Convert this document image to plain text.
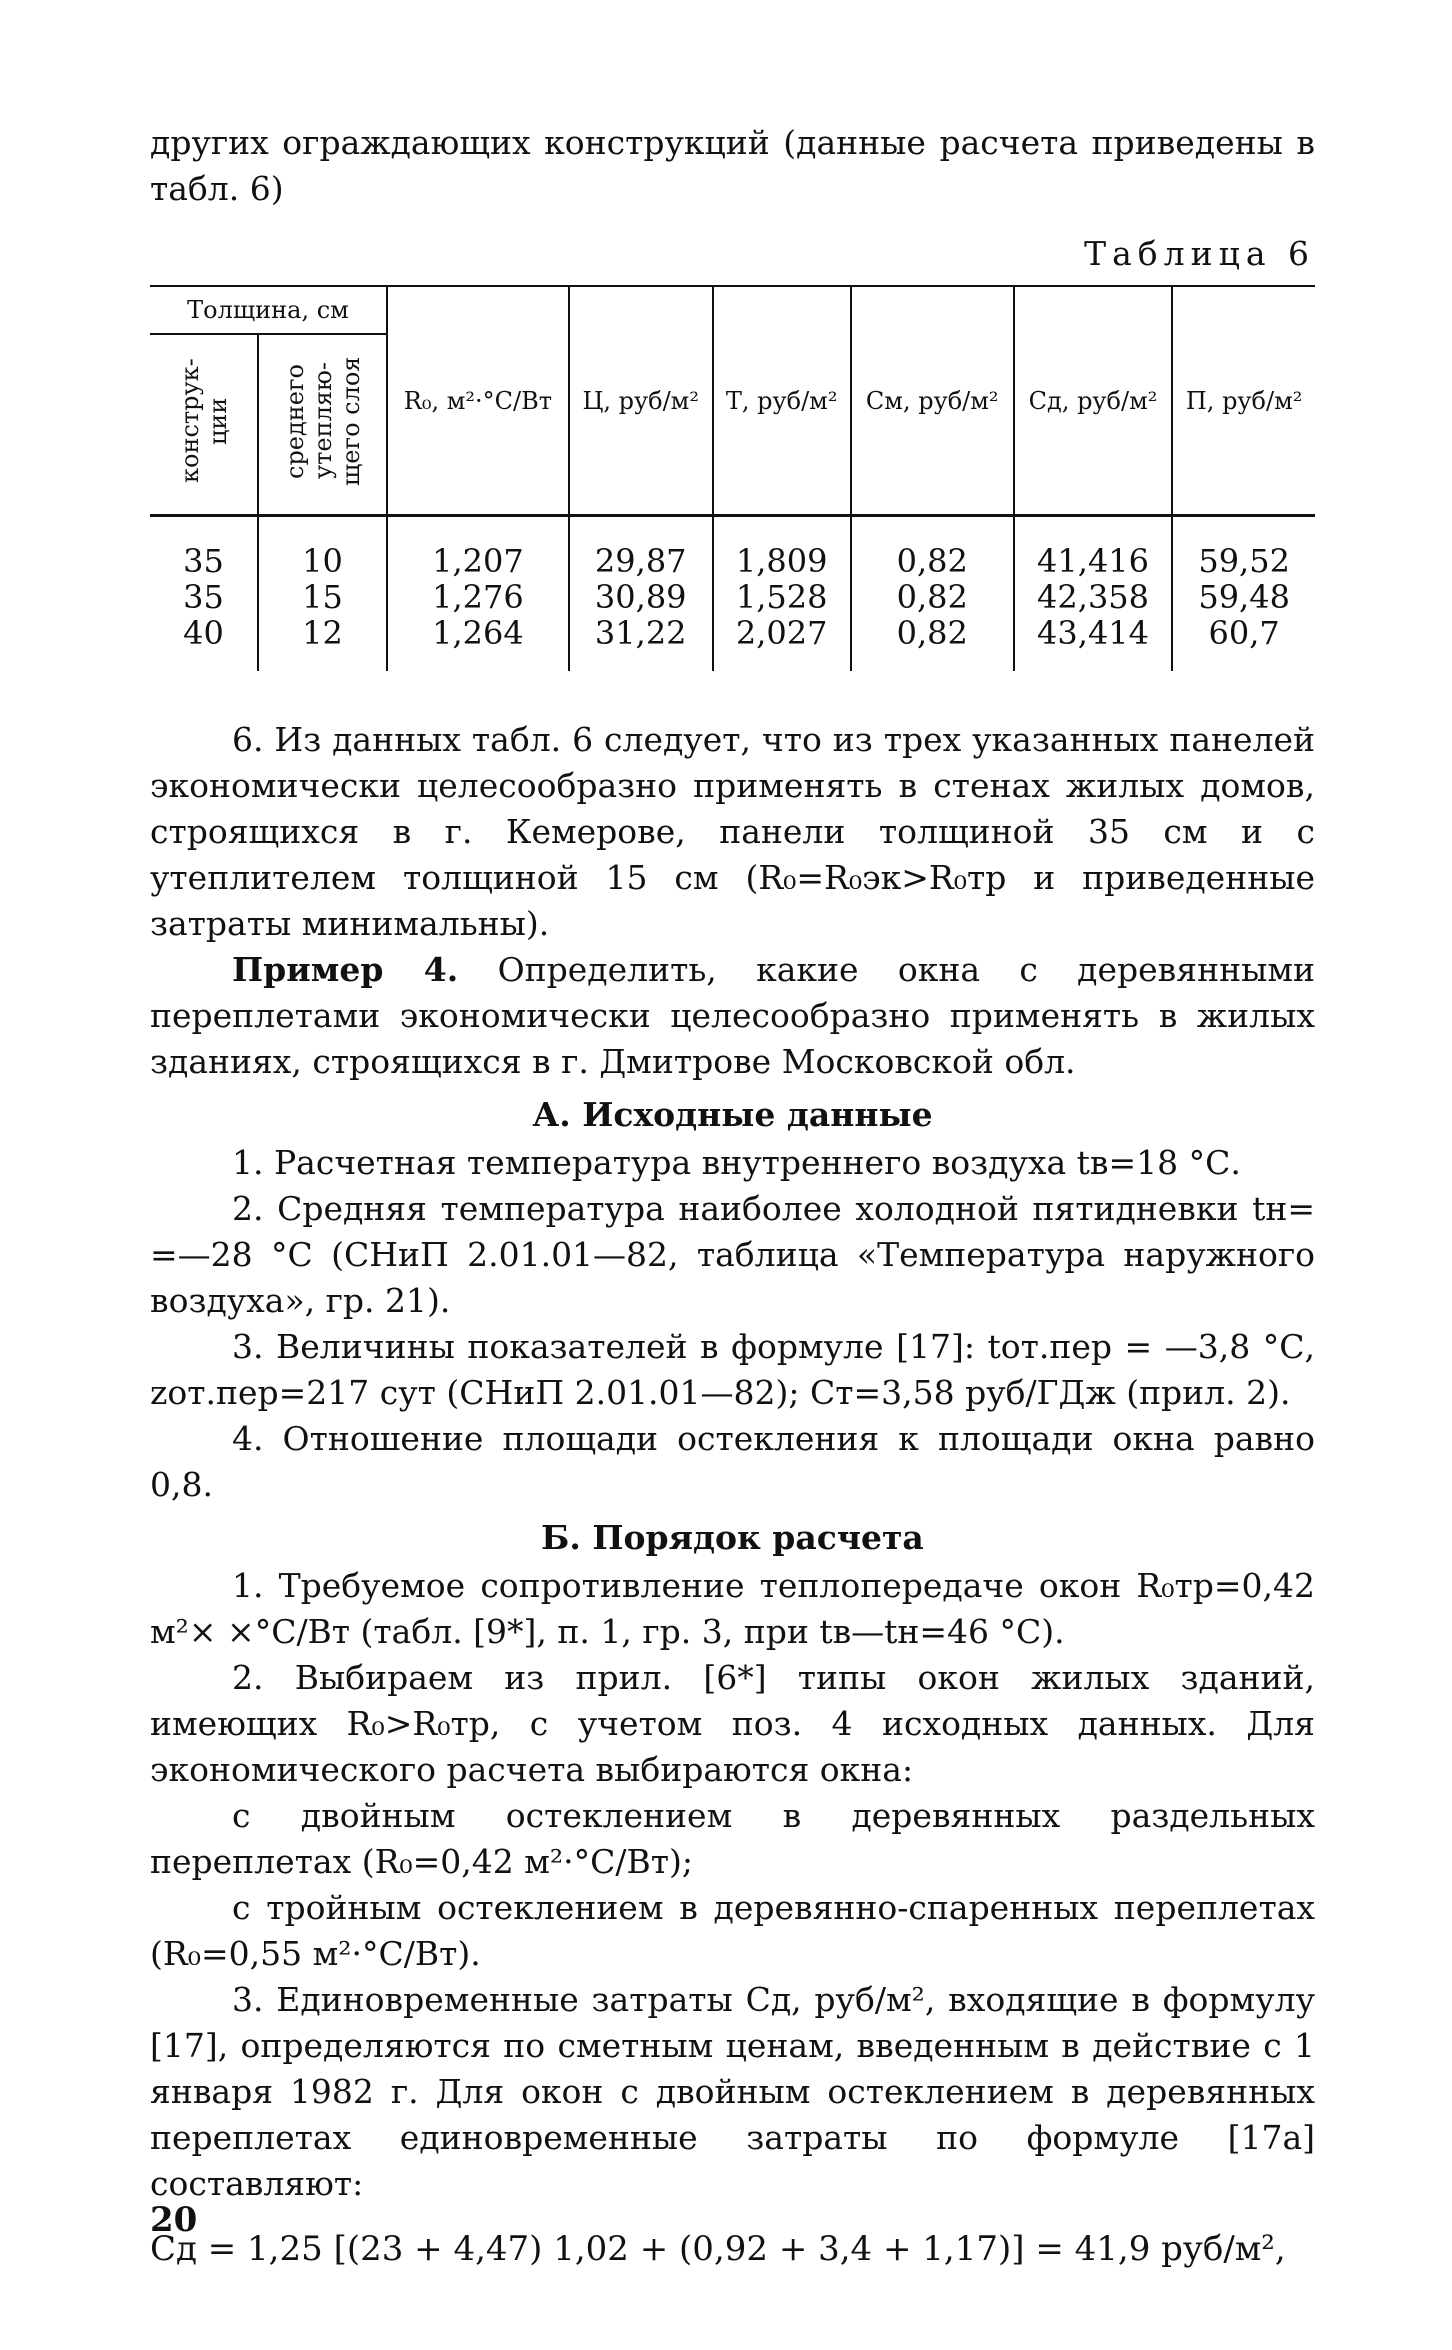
других ограждающих конструкций (данные расчета приведены в табл. 6)

Таблица 6
Толщина, см		R₀, м²·°С/Вт	Ц, руб/м²	Т, руб/м²	Cм, руб/м²	Cд, руб/м²	П, руб/м²
конструк-ции	среднего утепляю-щего слоя						
35	10	1,207	29,87	1,809	0,82	41,416	59,52
35	15	1,276	30,89	1,528	0,82	42,358	59,48
40	12	1,264	31,22	2,027	0,82	43,414	60,7

6. Из данных табл. 6 следует, что из трех указанных панелей экономически целесообразно применять в стенах жилых домов, строящихся в г. Кемерове, панели толщиной 35 см и с утеплителем толщиной 15 см (R₀=R₀эк>R₀тр и приведенные затраты минимальны).

Пример 4. Определить, какие окна с деревянными переплетами экономически целесообразно применять в жилых зданиях, строящихся в г. Дмитрове Московской обл.

А. Исходные данные

1. Расчетная температура внутреннего воздуха tв=18 °С.

2. Средняя температура наиболее холодной пятидневки tн= =—28 °С (СНиП 2.01.01—82, таблица «Температура наружного воздуха», гр. 21).

3. Величины показателей в формуле [17]: tот.пер = —3,8 °С, zот.пер=217 сут (СНиП 2.01.01—82); Cт=3,58 руб/ГДж (прил. 2).

4. Отношение площади остекления к площади окна равно 0,8.

Б. Порядок расчета

1. Требуемое сопротивление теплопередаче окон R₀тр=0,42 м²× ×°С/Вт (табл. [9*], п. 1, гр. 3, при tв—tн=46 °С).

2. Выбираем из прил. [6*] типы окон жилых зданий, имеющих R₀>R₀тр, с учетом поз. 4 исходных данных. Для экономического расчета выбираются окна:

с двойным остеклением в деревянных раздельных переплетах (R₀=0,42 м²·°С/Вт);

с тройным остеклением в деревянно-спаренных переплетах (R₀=0,55 м²·°С/Вт).

3. Единовременные затраты Cд, руб/м², входящие в формулу [17], определяются по сметным ценам, введенным в действие с 1 января 1982 г. Для окон с двойным остеклением в деревянных переплетах единовременные затраты по формуле [17а] составляют:

Cд = 1,25 [(23 + 4,47) 1,02 + (0,92 + 3,4 + 1,17)] = 41,9 руб/м²,
20
